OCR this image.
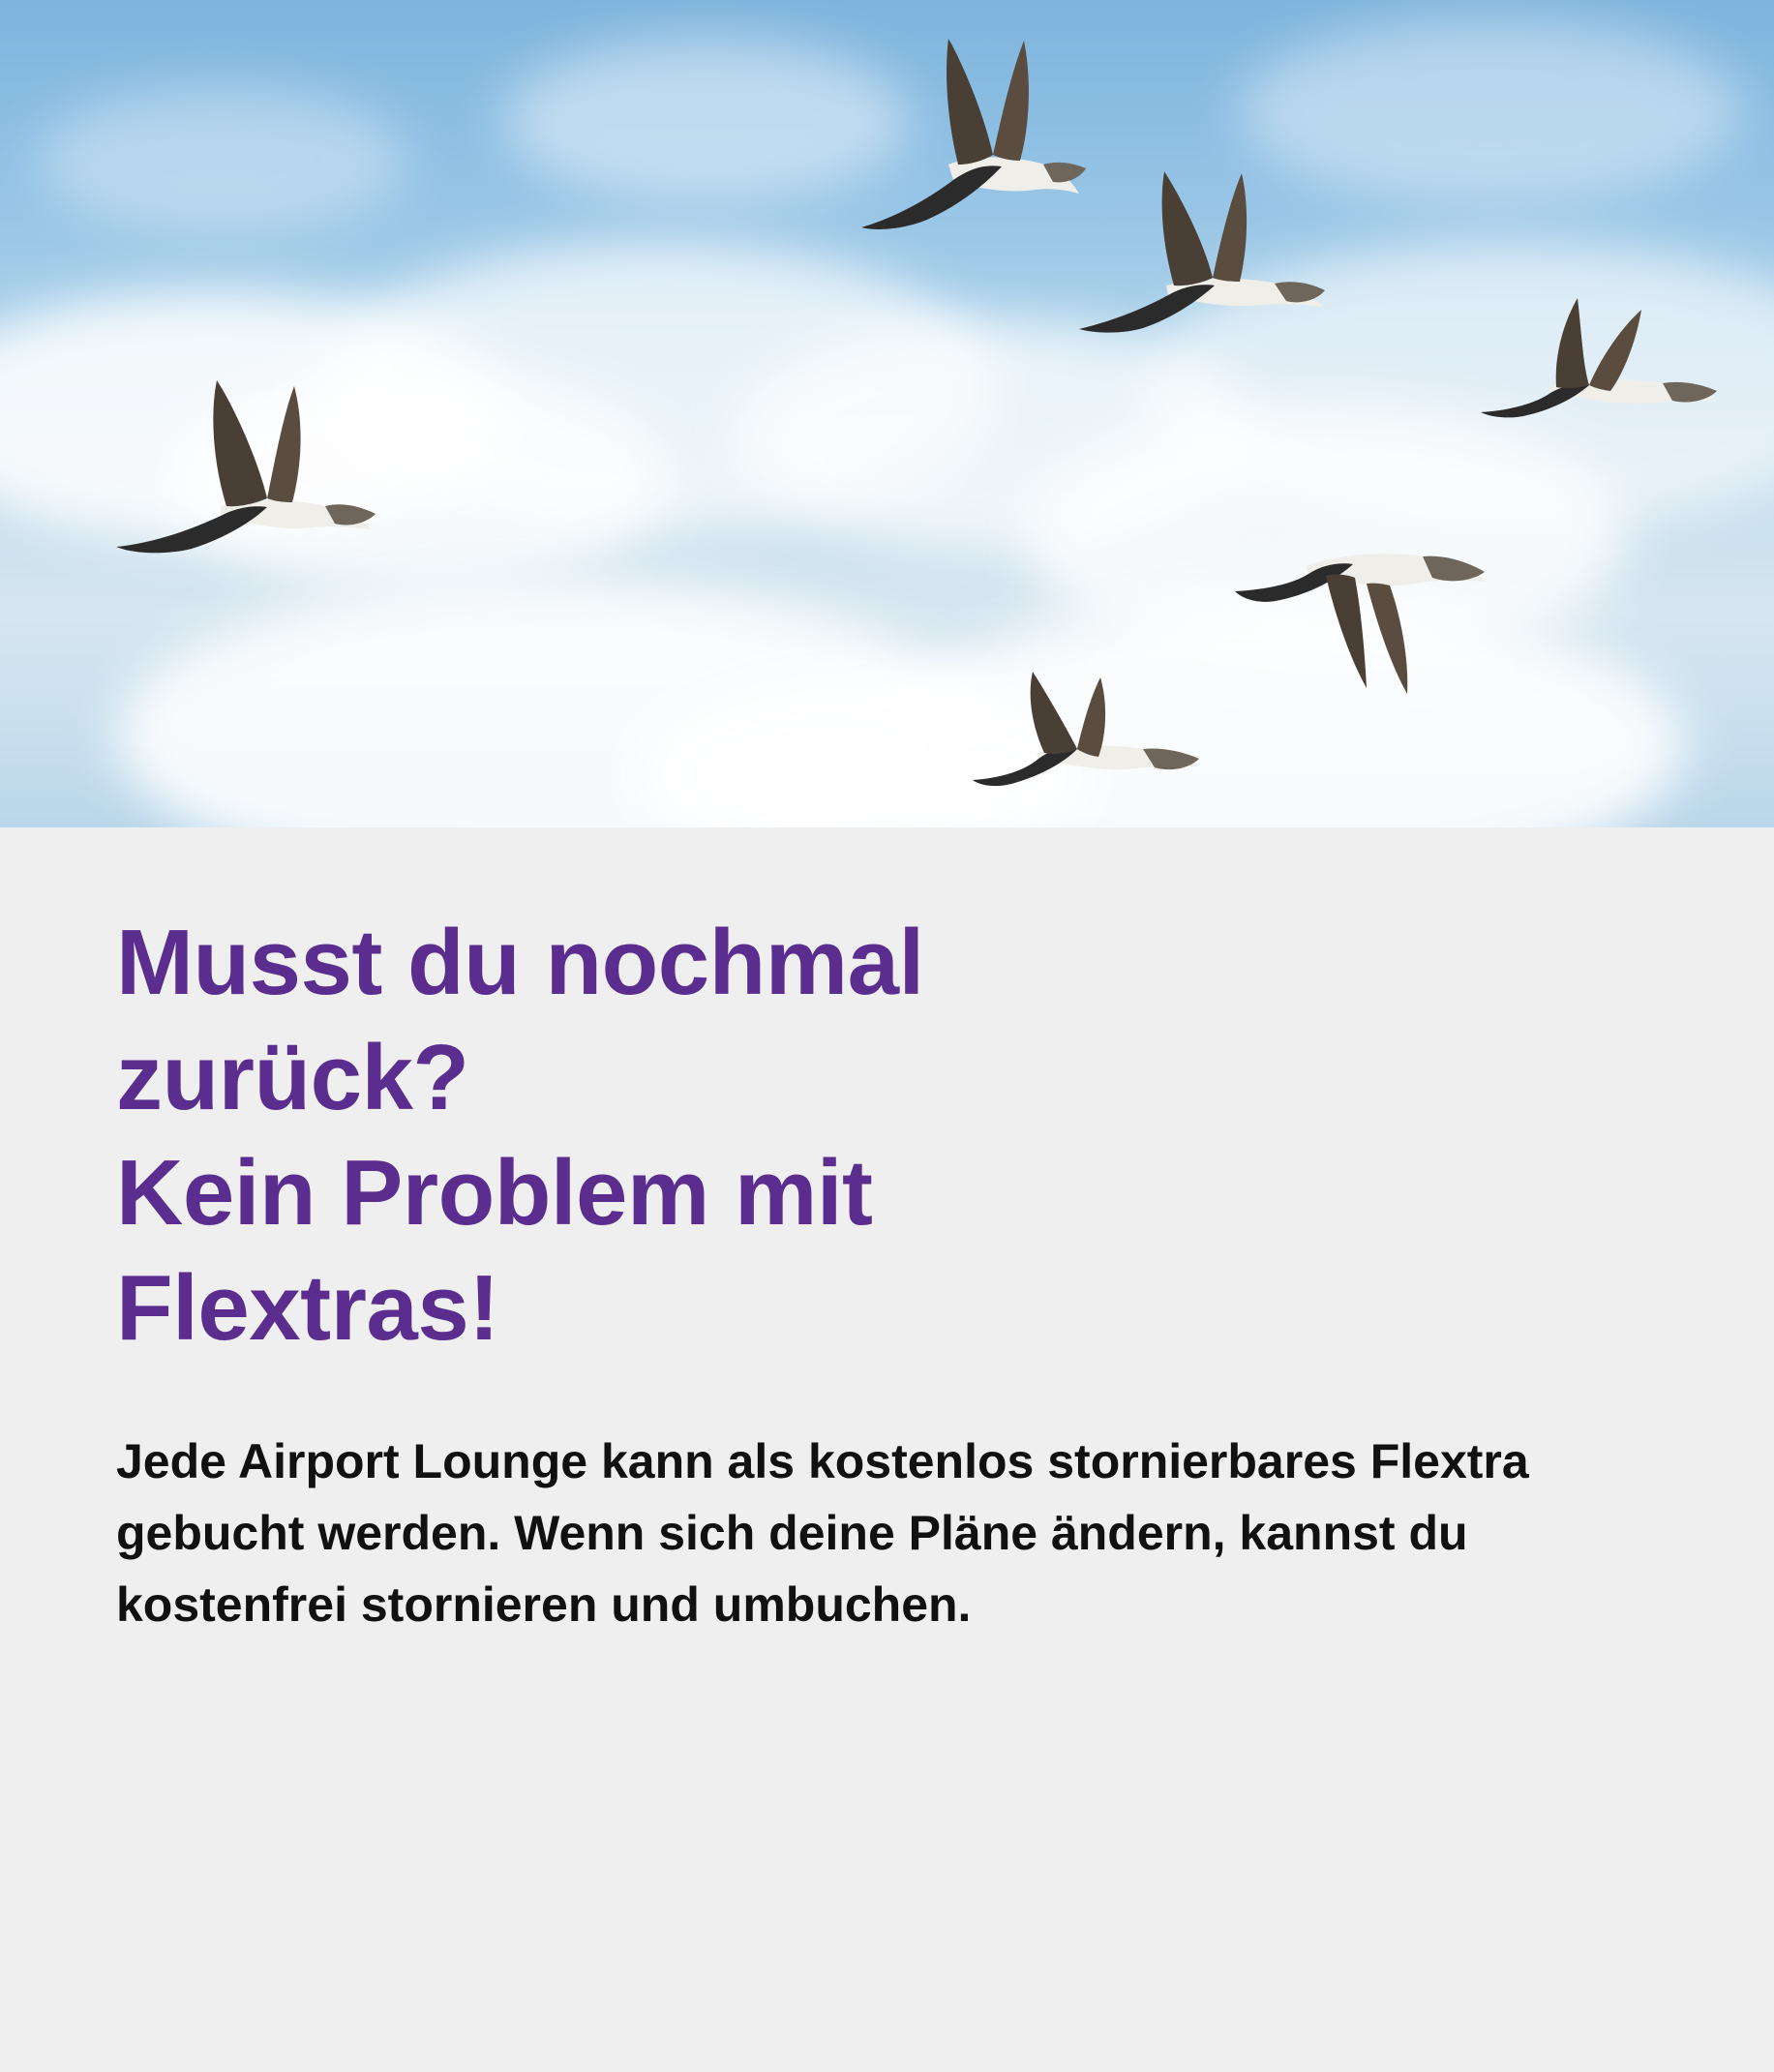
Musst du nochmal
zurück?
Kein Problem mit
Flextras!

Jede Airport Lounge kann als kostenlos stornierbares Flextra gebucht werden. Wenn sich deine Pläne ändern, kannst du kostenfrei stornieren und umbuchen.
